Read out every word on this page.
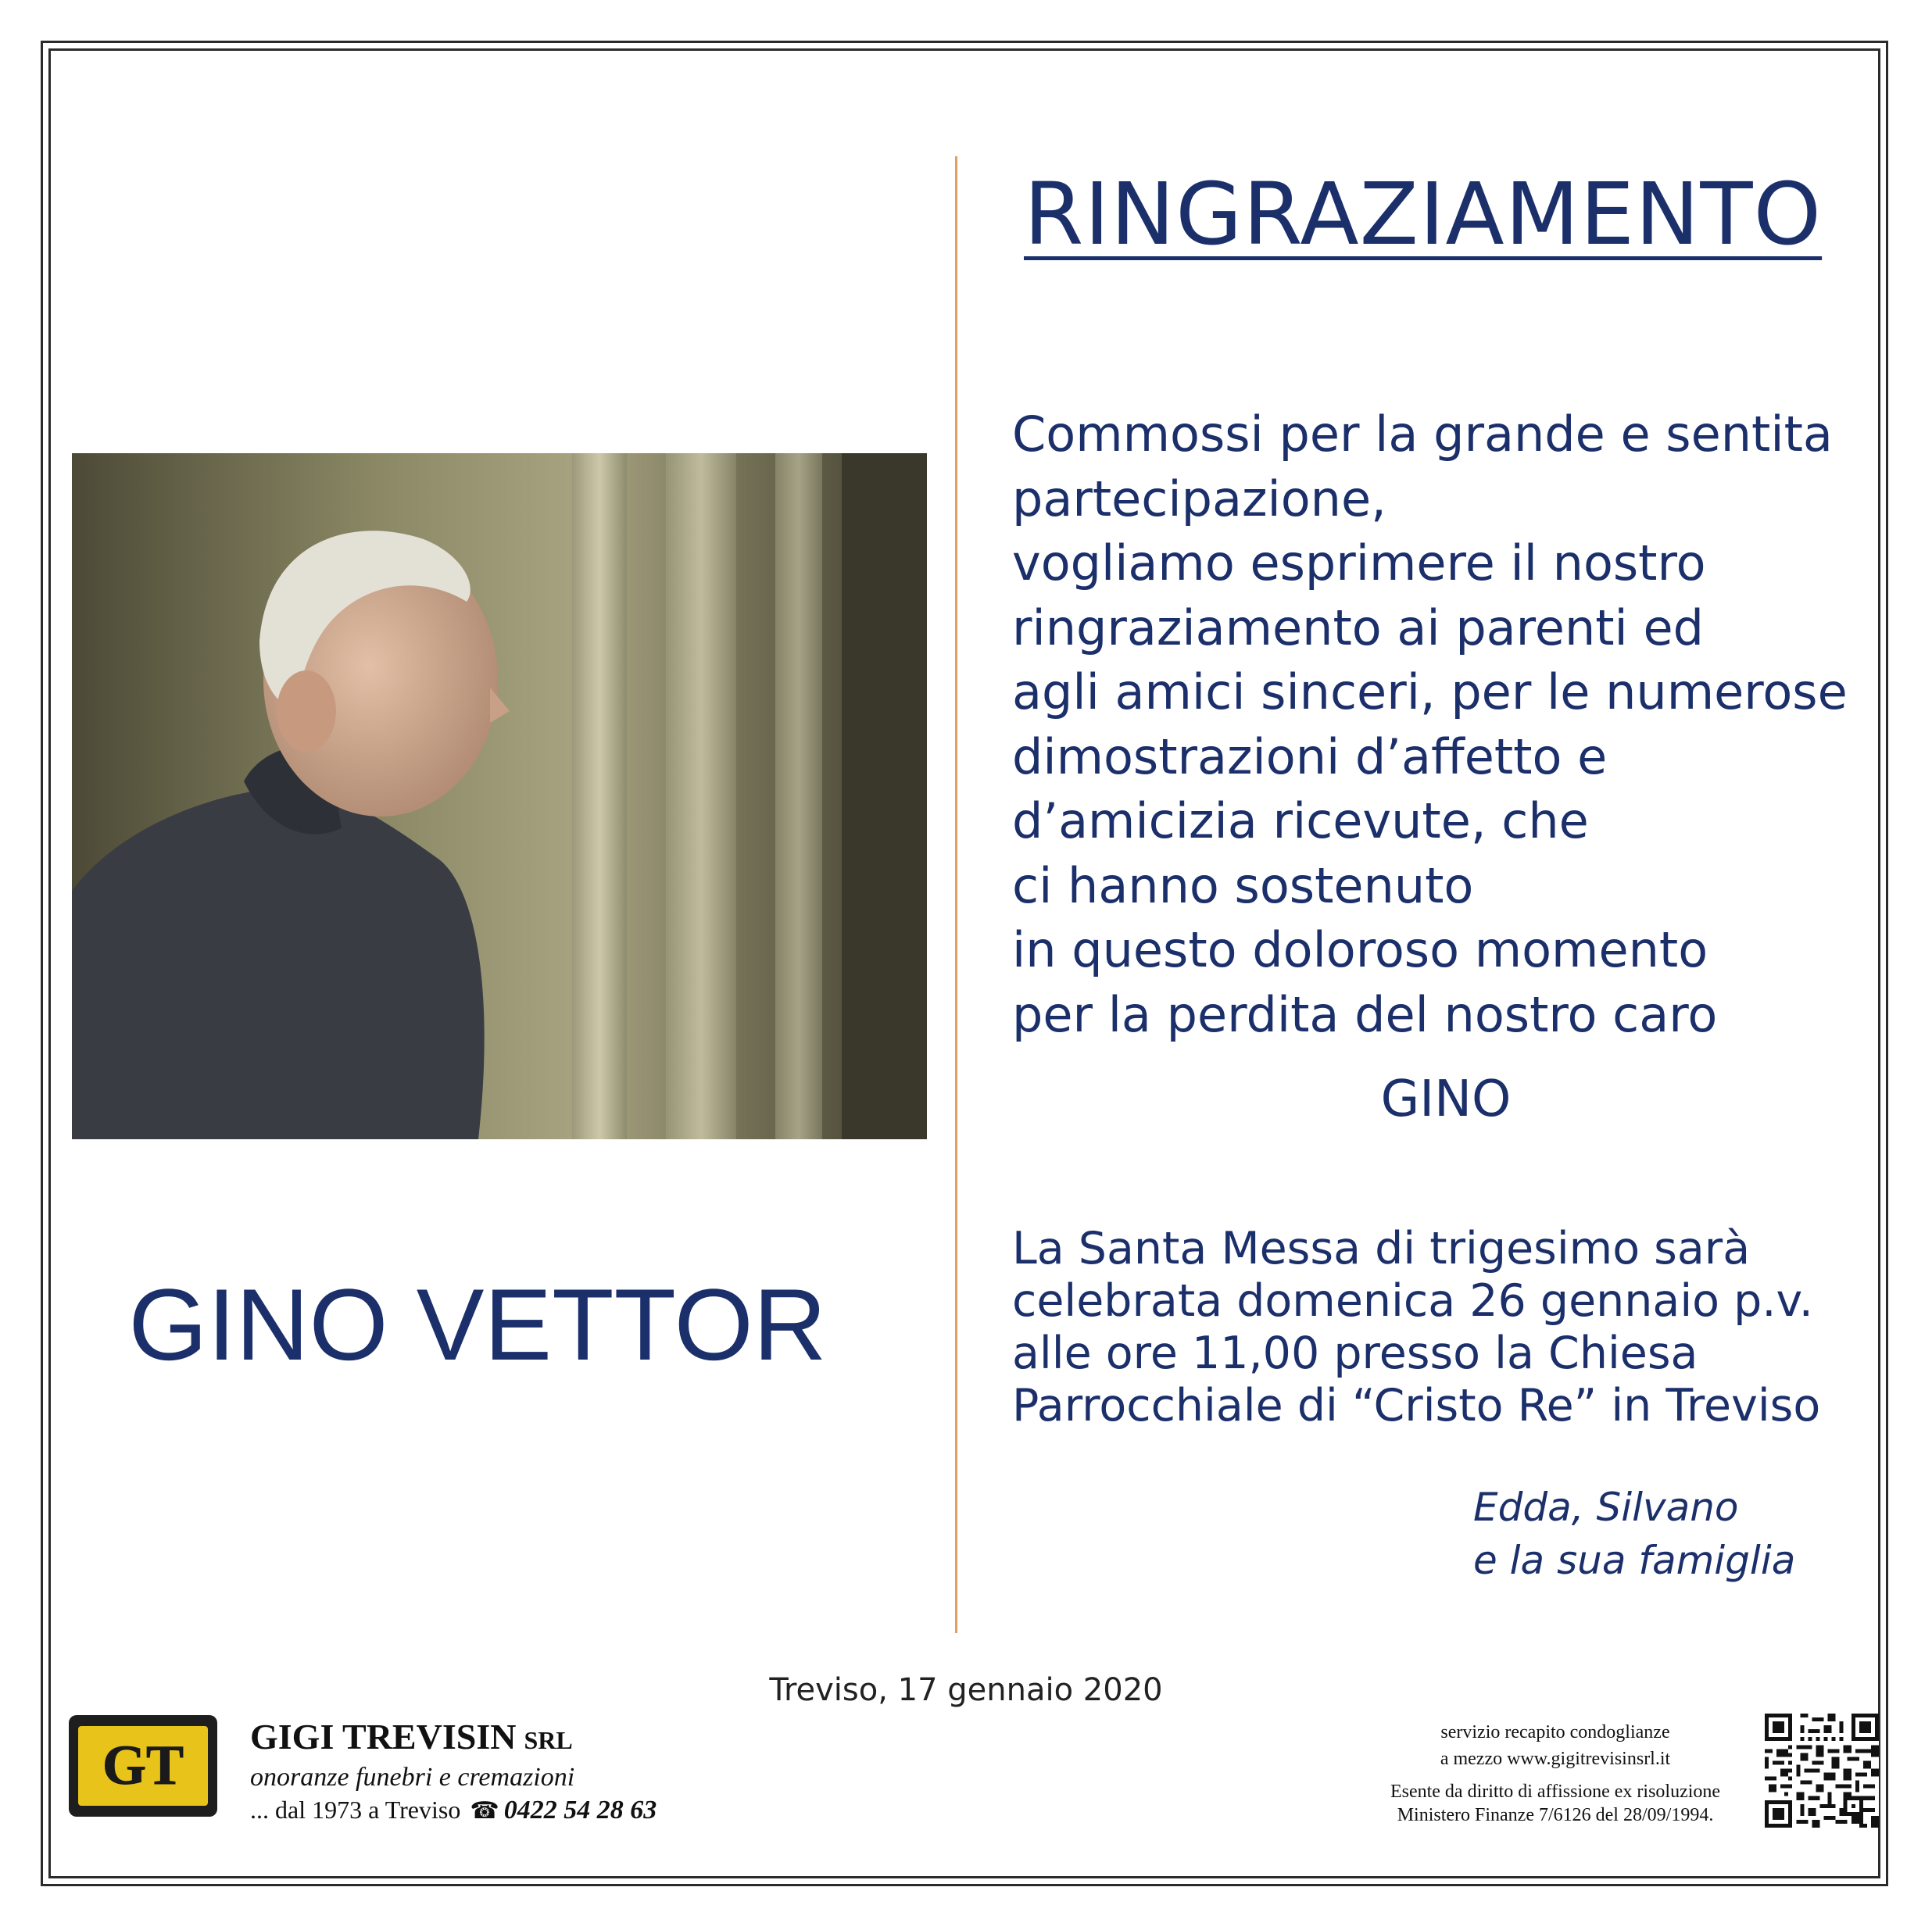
RINGRAZIAMENTO
GINO VETTOR
Commossi per la grande e sentita
partecipazione,
vogliamo esprimere il nostro
ringraziamento ai parenti ed
agli amici sinceri, per le numerose
dimostrazioni d’affetto e
d’amicizia ricevute, che
ci hanno sostenuto
in questo doloroso momento
per la perdita del nostro caro
GINO
La Santa Messa di trigesimo sarà
celebrata domenica 26 gennaio p.v.
alle ore 11,00 presso la Chiesa
Parrocchiale di “Cristo Re” in Treviso
Edda, Silvano
e la sua famiglia
Treviso, 17 gennaio 2020
GT GIGI TREVISIN SRL
onoranze funebri e cremazioni
... dal 1973 a Treviso ☎ 0422 54 28 63
servizio recapito condoglianze
a mezzo www.gigitrevisinsrl.it
Esente da diritto di affissione ex risoluzione
Ministero Finanze 7/6126 del 28/09/1994.
